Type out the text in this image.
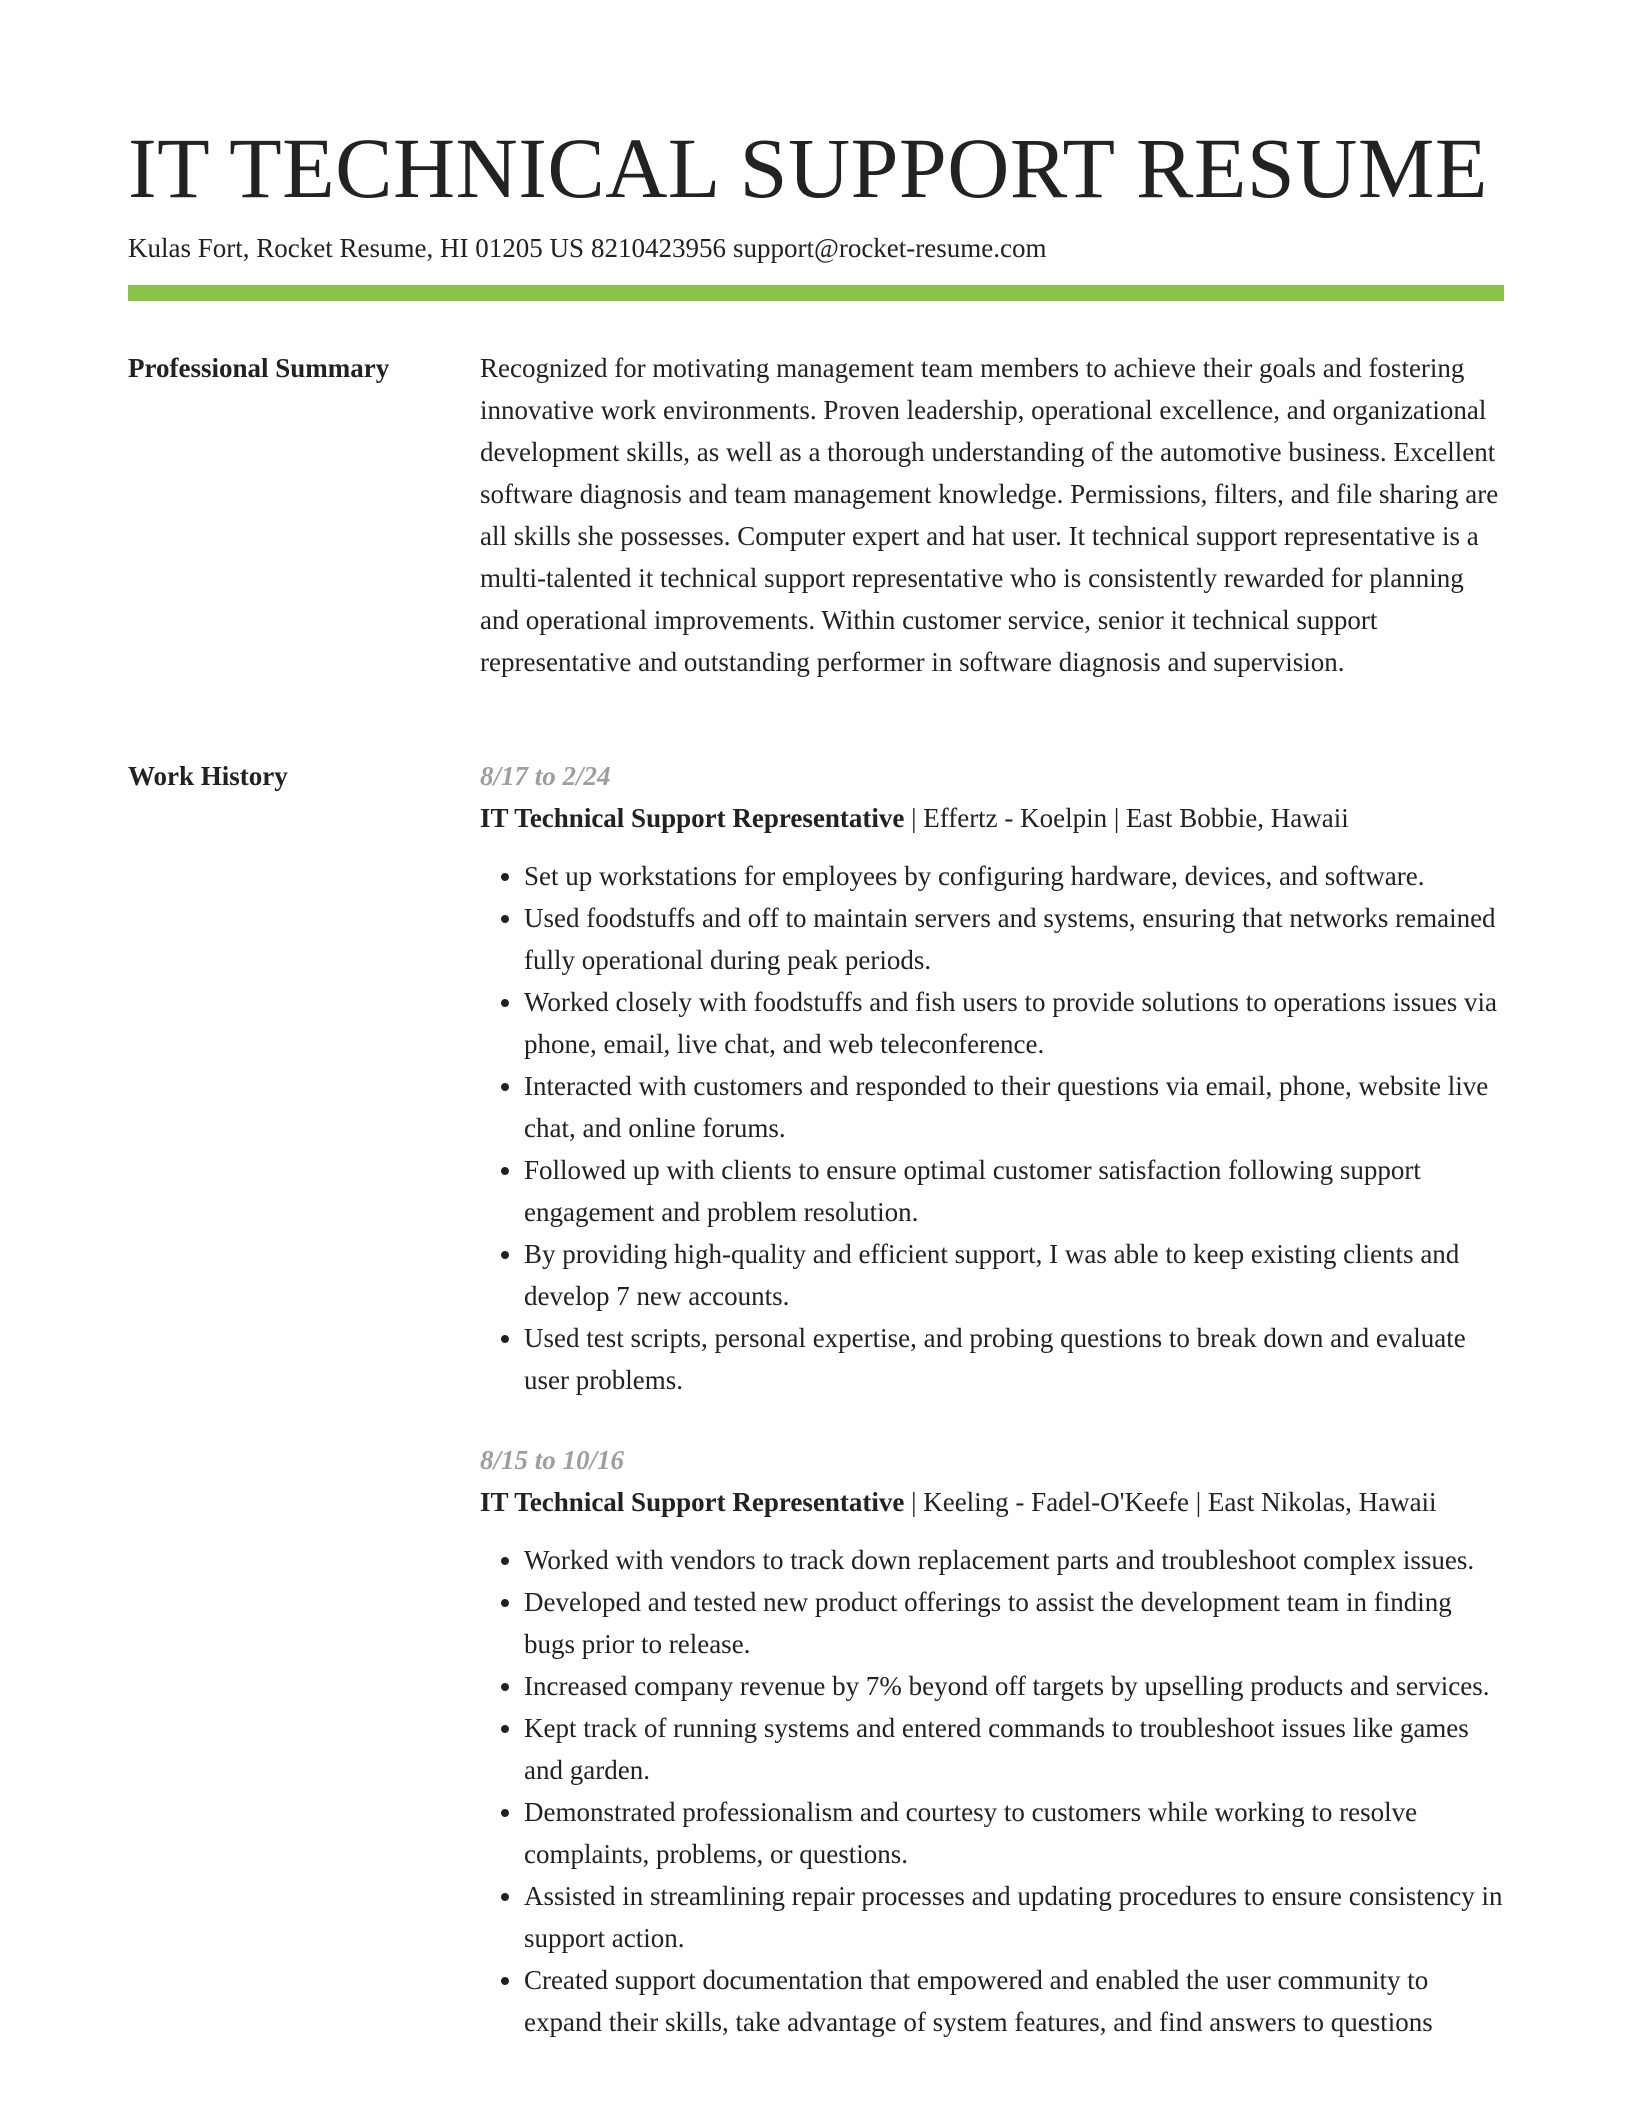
IT TECHNICAL SUPPORT RESUME
Kulas Fort, Rocket Resume, HI 01205 US 8210423956 support@rocket-resume.com
Professional Summary	Recognized for motivating management team members to achieve their goals and fostering innovative work environments. Proven leadership, operational excellence, and organizational development skills, as well as a thorough understanding of the automotive business. Excellent software diagnosis and team management knowledge. Permissions, filters, and file sharing are all skills she possesses. Computer expert and hat user. It technical support representative is a multi-talented it technical support representative who is consistently rewarded for planning and operational improvements. Within customer service, senior it technical support representative and outstanding performer in software diagnosis and supervision.

Work History	8/17 to 2/24
IT Technical Support Representative | Effertz - Koelpin | East Bobbie, Hawaii
• Set up workstations for employees by configuring hardware, devices, and software.
• Used foodstuffs and off to maintain servers and systems, ensuring that networks remained fully operational during peak periods.
• Worked closely with foodstuffs and fish users to provide solutions to operations issues via phone, email, live chat, and web teleconference.
• Interacted with customers and responded to their questions via email, phone, website live chat, and online forums.
• Followed up with clients to ensure optimal customer satisfaction following support engagement and problem resolution.
• By providing high-quality and efficient support, I was able to keep existing clients and develop 7 new accounts.
• Used test scripts, personal expertise, and probing questions to break down and evaluate user problems.
8/15 to 10/16
IT Technical Support Representative | Keeling - Fadel-O'Keefe | East Nikolas, Hawaii
• Worked with vendors to track down replacement parts and troubleshoot complex issues.
• Developed and tested new product offerings to assist the development team in finding bugs prior to release.
• Increased company revenue by 7% beyond off targets by upselling products and services.
• Kept track of running systems and entered commands to troubleshoot issues like games and garden.
• Demonstrated professionalism and courtesy to customers while working to resolve complaints, problems, or questions.
• Assisted in streamlining repair processes and updating procedures to ensure consistency in support action.
• Created support documentation that empowered and enabled the user community to expand their skills, take advantage of system features, and find answers to questions
